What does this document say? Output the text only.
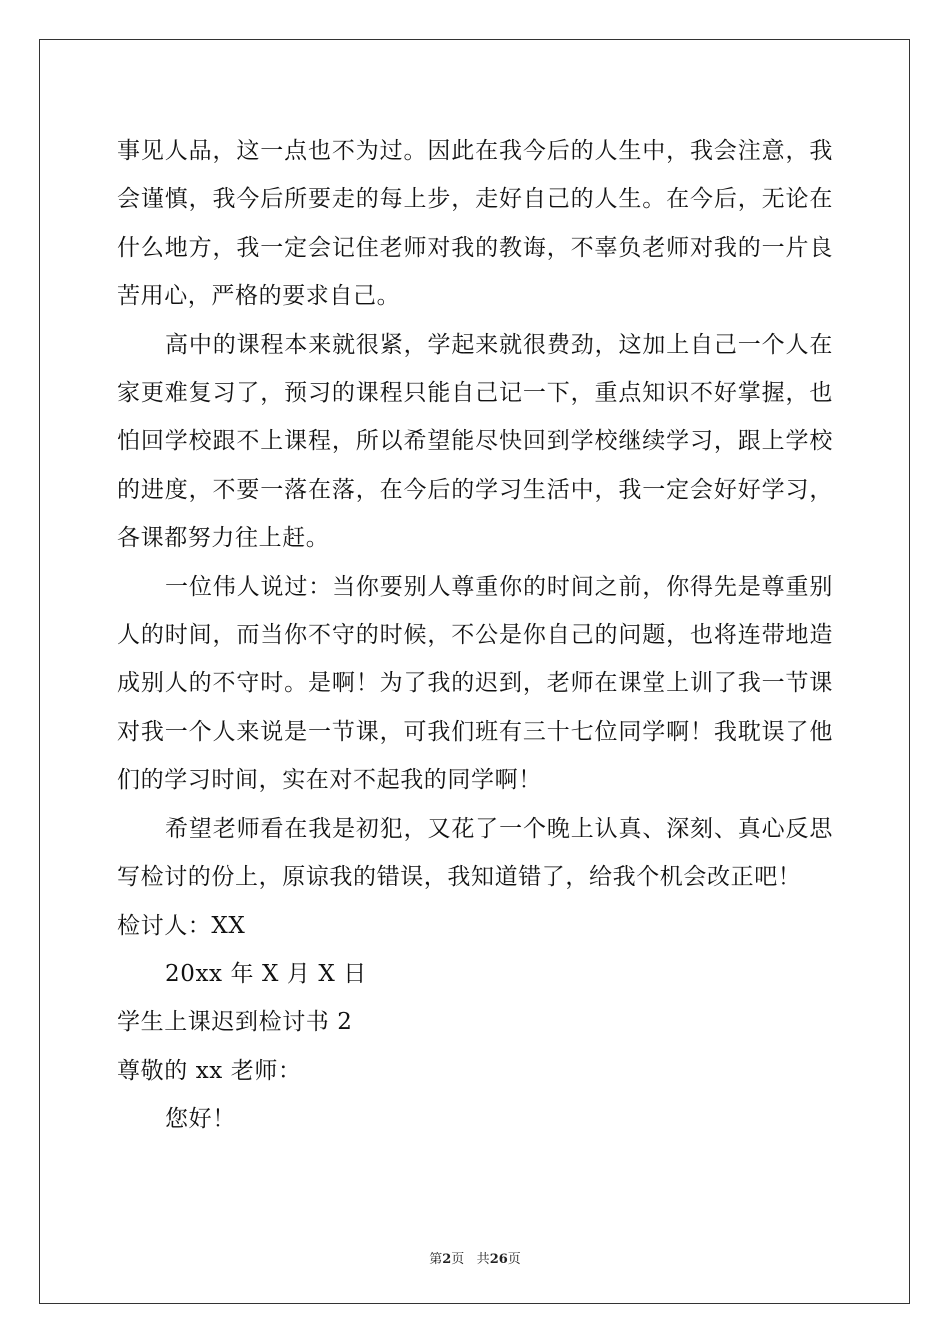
事见人品，这一点也不为过。因此在我今后的人生中，我会注意，我会谨慎，我今后所要走的每上步，走好自己的人生。在今后，无论在什么地方，我一定会记住老师对我的教诲，不辜负老师对我的一片良苦用心，严格的要求自己。

高中的课程本来就很紧，学起来就很费劲，这加上自己一个人在家更难复习了，预习的课程只能自己记一下，重点知识不好掌握，也怕回学校跟不上课程，所以希望能尽快回到学校继续学习，跟上学校的进度，不要一落在落，在今后的学习生活中，我一定会好好学习，各课都努力往上赶。

一位伟人说过：当你要别人尊重你的时间之前，你得先是尊重别人的时间，而当你不守的时候，不公是你自己的问题，也将连带地造成别人的不守时。是啊！为了我的迟到，老师在课堂上训了我一节课对我一个人来说是一节课，可我们班有三十七位同学啊！我耽误了他们的学习时间，实在对不起我的同学啊！

希望老师看在我是初犯，又花了一个晚上认真、深刻、真心反思写检讨的份上，原谅我的错误，我知道错了，给我个机会改正吧！

检讨人：XX

20xx 年 X 月 X 日

学生上课迟到检讨书 2

尊敬的 xx 老师：

您好！

第2页 共26页
